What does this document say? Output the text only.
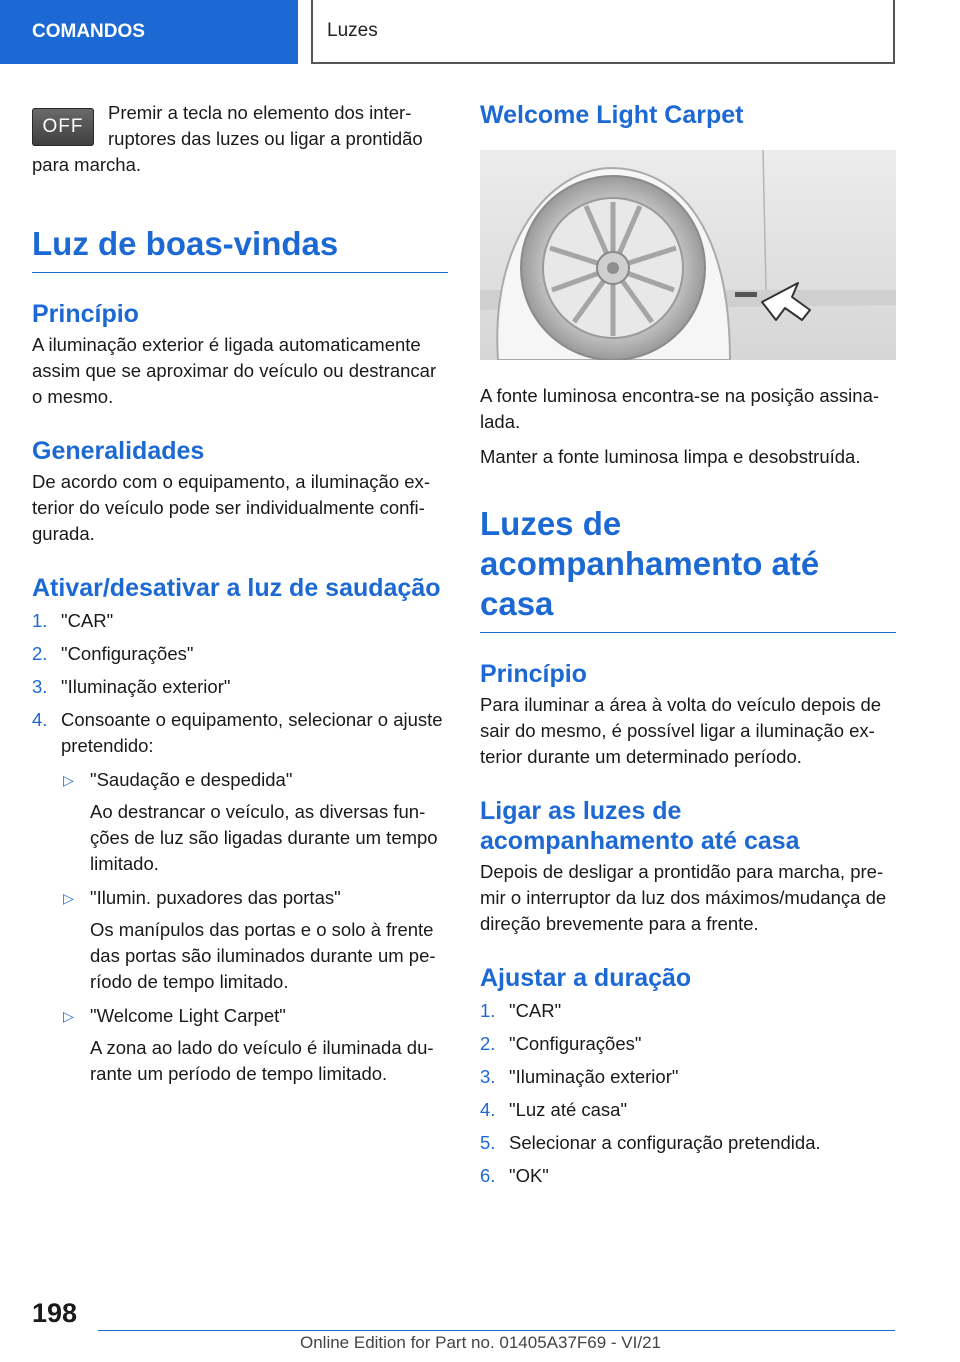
COMANDOS	Luzes
OFF

Premir a tecla no elemento dos interruptores das luzes ou ligar a prontidão para marcha.

Luz de boas-vindas
Princípio

A iluminação exterior é ligada automaticamente assim que se aproximar do veículo ou destrancar o mesmo.

Generalidades

De acordo com o equipamento, a iluminação exterior do veículo pode ser individualmente configurada.

Ativar/desativar a luz de saudação
1. "CAR"
2. "Configurações"
3. "Iluminação exterior"
4. Consoante o equipamento, selecionar o ajuste pretendido:
▷ "Saudação e despedida"
Ao destrancar o veículo, as diversas funções de luz são ligadas durante um tempo limitado.
▷ "Ilumin. puxadores das portas"
Os manípulos das portas e o solo à frente das portas são iluminados durante um período de tempo limitado.
▷ "Welcome Light Carpet"
A zona ao lado do veículo é iluminada durante um período de tempo limitado.
Welcome Light Carpet

A fonte luminosa encontra-se na posição assinalada.

Manter a fonte luminosa limpa e desobstruída.

Luzes de acompanhamento até casa
Princípio

Para iluminar a área à volta do veículo depois de sair do mesmo, é possível ligar a iluminação exterior durante um determinado período.

Ligar as luzes de acompanhamento até casa

Depois de desligar a prontidão para marcha, premir o interruptor da luz dos máximos/mudança de direção brevemente para a frente.

Ajustar a duração
1. "CAR"
2. "Configurações"
3. "Iluminação exterior"
4. "Luz até casa"
5. Selecionar a configuração pretendida.
6. "OK"
198
Online Edition for Part no. 01405A37F69 - VI/21
